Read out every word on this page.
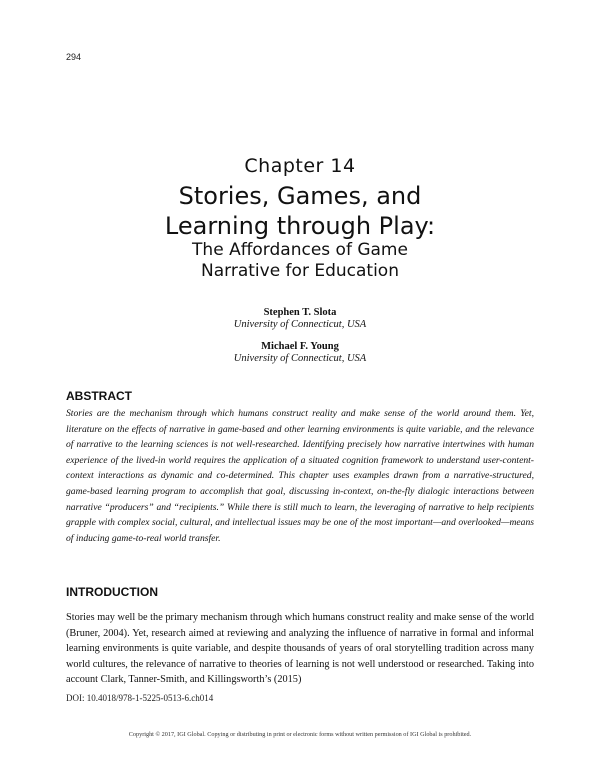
294
Chapter 14
Stories, Games, and
Learning through Play:
The Affordances of Game
Narrative for Education
Stephen T. Slota
University of Connecticut, USA
Michael F. Young
University of Connecticut, USA
ABSTRACT
Stories are the mechanism through which humans construct reality and make sense of the world around them. Yet, literature on the effects of narrative in game-based and other learning environments is quite variable, and the relevance of narrative to the learning sciences is not well-researched. Identifying precisely how narrative intertwines with human experience of the lived-in world requires the application of a situated cognition framework to understand user-content-context interactions as dynamic and co-determined. This chapter uses examples drawn from a narrative-structured, game-based learning program to accomplish that goal, discussing in-context, on-the-fly dialogic interactions between narrative “producers” and “recipients.” While there is still much to learn, the leveraging of narrative to help recipients grapple with complex social, cultural, and intellectual issues may be one of the most important—and overlooked—means of inducing game-to-real world transfer.
INTRODUCTION
Stories may well be the primary mechanism through which humans construct reality and make sense of the world (Bruner, 2004). Yet, research aimed at reviewing and analyzing the influence of narrative in formal and informal learning environments is quite variable, and despite thousands of years of oral storytelling tradition across many world cultures, the relevance of narrative to theories of learning is not well understood or researched. Taking into account Clark, Tanner-Smith, and Killingsworth’s (2015)
DOI: 10.4018/978-1-5225-0513-6.ch014
Copyright © 2017, IGI Global. Copying or distributing in print or electronic forms without written permission of IGI Global is prohibited.
